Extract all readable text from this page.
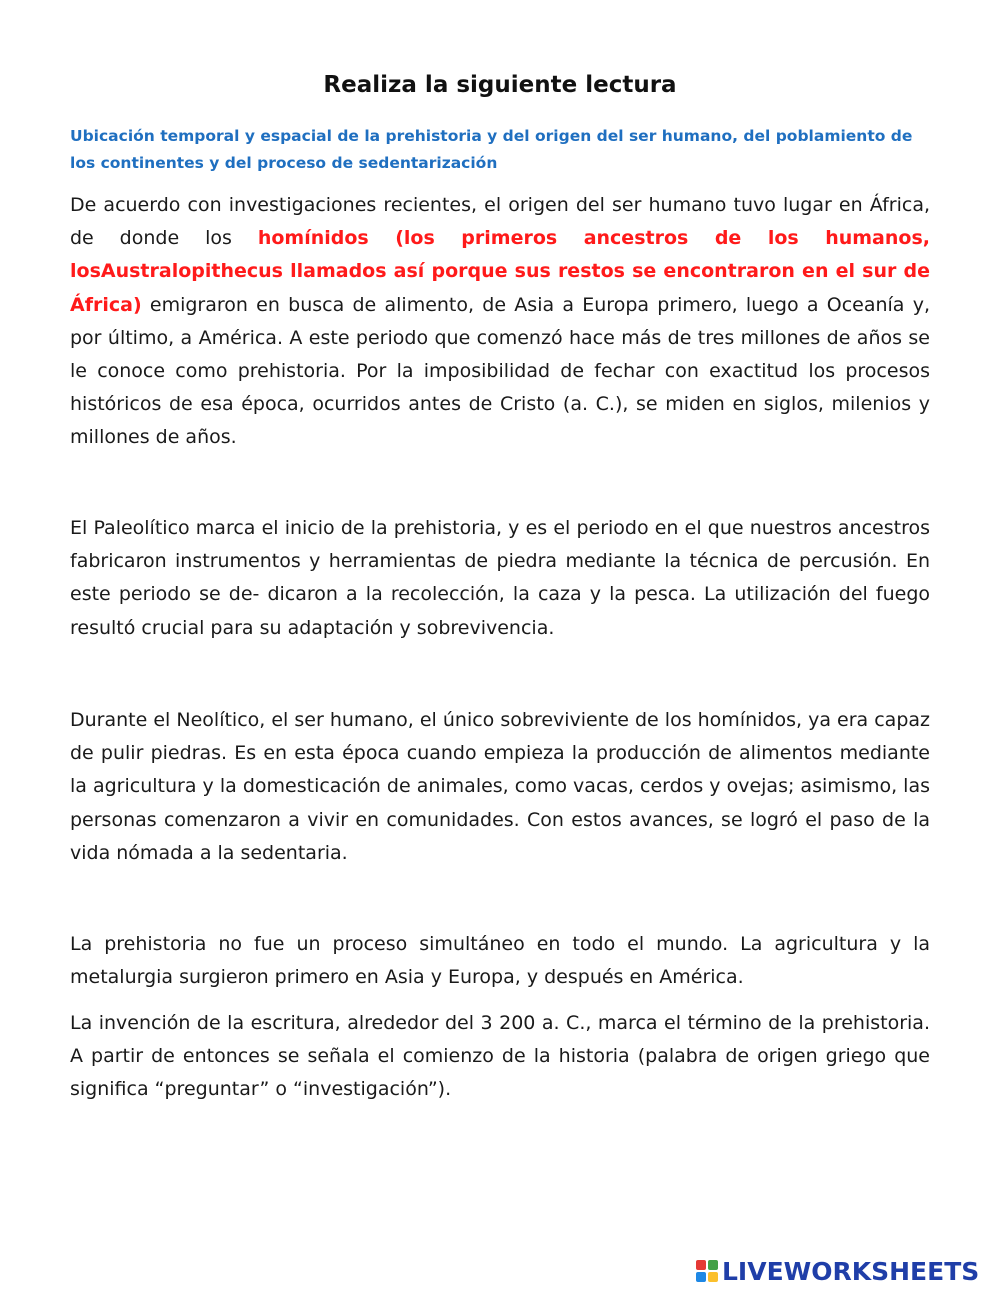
Realiza la siguiente lectura
Ubicación temporal y espacial de la prehistoria y del origen del ser humano, del poblamiento de los continentes y del proceso de sedentarización
De acuerdo con investigaciones recientes, el origen del ser humano tuvo lugar en África, de donde los homínidos (los primeros ancestros de los humanos, losAustralopithecus llamados así porque sus restos se encontraron en el sur de África) emigraron en busca de alimento, de Asia a Europa primero, luego a Oceanía y, por último, a América. A este periodo que comenzó hace más de tres millones de años se le conoce como prehistoria. Por la imposibilidad de fechar con exactitud los procesos históricos de esa época, ocurridos antes de Cristo (a. C.), se miden en siglos, milenios y millones de años.
El Paleolítico marca el inicio de la prehistoria, y es el periodo en el que nuestros ancestros fabricaron instrumentos y herramientas de piedra mediante la técnica de percusión. En este periodo se de- dicaron a la recolección, la caza y la pesca. La utilización del fuego resultó crucial para su adaptación y sobrevivencia.
Durante el Neolítico, el ser humano, el único sobreviviente de los homínidos, ya era capaz de pulir piedras. Es en esta época cuando empieza la producción de alimentos mediante la agricultura y la domesticación de animales, como vacas, cerdos y ovejas; asimismo, las personas comenzaron a vivir en comunidades. Con estos avances, se logró el paso de la vida nómada a la sedentaria.
La prehistoria no fue un proceso simultáneo en todo el mundo. La agricultura y la metalurgia surgieron primero en Asia y Europa, y después en América.
La invención de la escritura, alrededor del 3 200 a. C., marca el término de la prehistoria. A partir de entonces se señala el comienzo de la historia (palabra de origen griego que significa “preguntar” o “investigación”).
LIVEWORKSHEETS
